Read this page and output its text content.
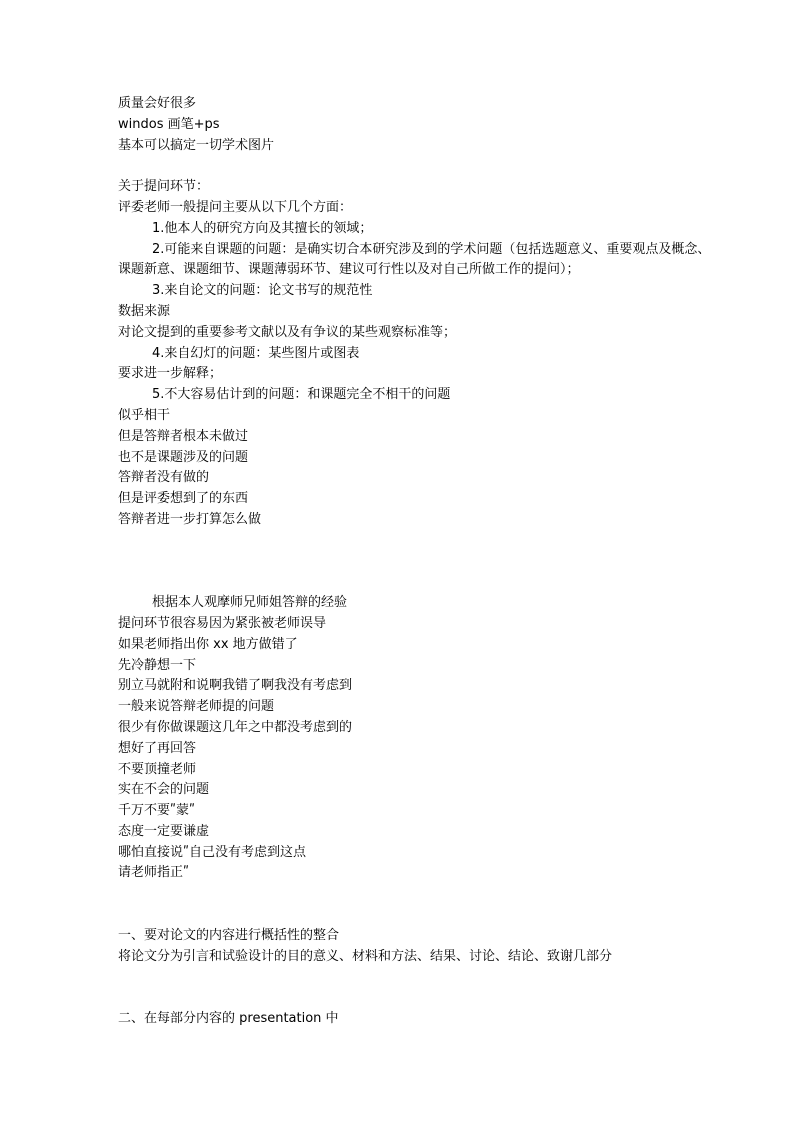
质量会好很多
windos 画笔+ps
基本可以搞定一切学术图片
关于提问环节：
评委老师一般提问主要从以下几个方面：
1.他本人的研究方向及其擅长的领域；
2.可能来自课题的问题：是确实切合本研究涉及到的学术问题（包括选题意义、重要观点及概念、课题新意、课题细节、课题薄弱环节、建议可行性以及对自己所做工作的提问）；
3.来自论文的问题：论文书写的规范性
数据来源
对论文提到的重要参考文献以及有争议的某些观察标准等；
4.来自幻灯的问题：某些图片或图表
要求进一步解释；
5.不大容易估计到的问题：和课题完全不相干的问题
似乎相干
但是答辩者根本未做过
也不是课题涉及的问题
答辩者没有做的
但是评委想到了的东西
答辩者进一步打算怎么做
根据本人观摩师兄师姐答辩的经验
提问环节很容易因为紧张被老师误导
如果老师指出你 xx 地方做错了
先冷静想一下
别立马就附和说啊我错了啊我没有考虑到
一般来说答辩老师提的问题
很少有你做课题这几年之中都没考虑到的
想好了再回答
不要顶撞老师
实在不会的问题
千万不要ʺ蒙ʺ
态度一定要谦虚
哪怕直接说ʺ自己没有考虑到这点
请老师指正ʺ
一、要对论文的内容进行概括性的整合
将论文分为引言和试验设计的目的意义、材料和方法、结果、讨论、结论、致谢几部分
二、在每部分内容的 presentation 中
